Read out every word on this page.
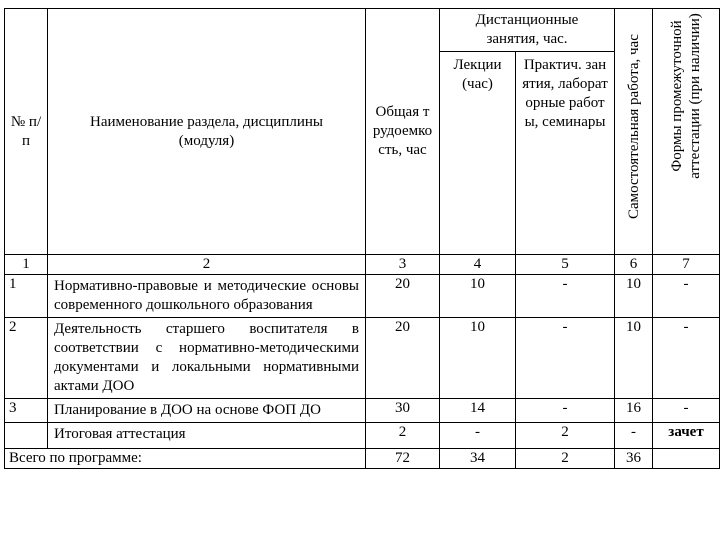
№ п/п	Наименование раздела, дисциплины (модуля)	Общая трудоемкость, час	Дистанционные занятия, час.		Самостоятельная работа, час	Формы промежуточной аттестации (при наличии)

			Лекции (час)	Практич. занятия, лабораторные работы, семинары		
1	2	3	4	5	6	7
1	Нормативно-правовые и методические основы современного дошкольного образования	20	10	-	10	-
2	Деятельность старшего воспитателя в соответствии с нормативно-методическими документами и локальными нормативными актами ДОО	20	10	-	10	-
3	Планирование в ДОО на основе ФОП ДО	30	14	-	16	-
	Итоговая аттестация	2	-	2	-	зачет
Всего по программе:		72	34	2	36	
